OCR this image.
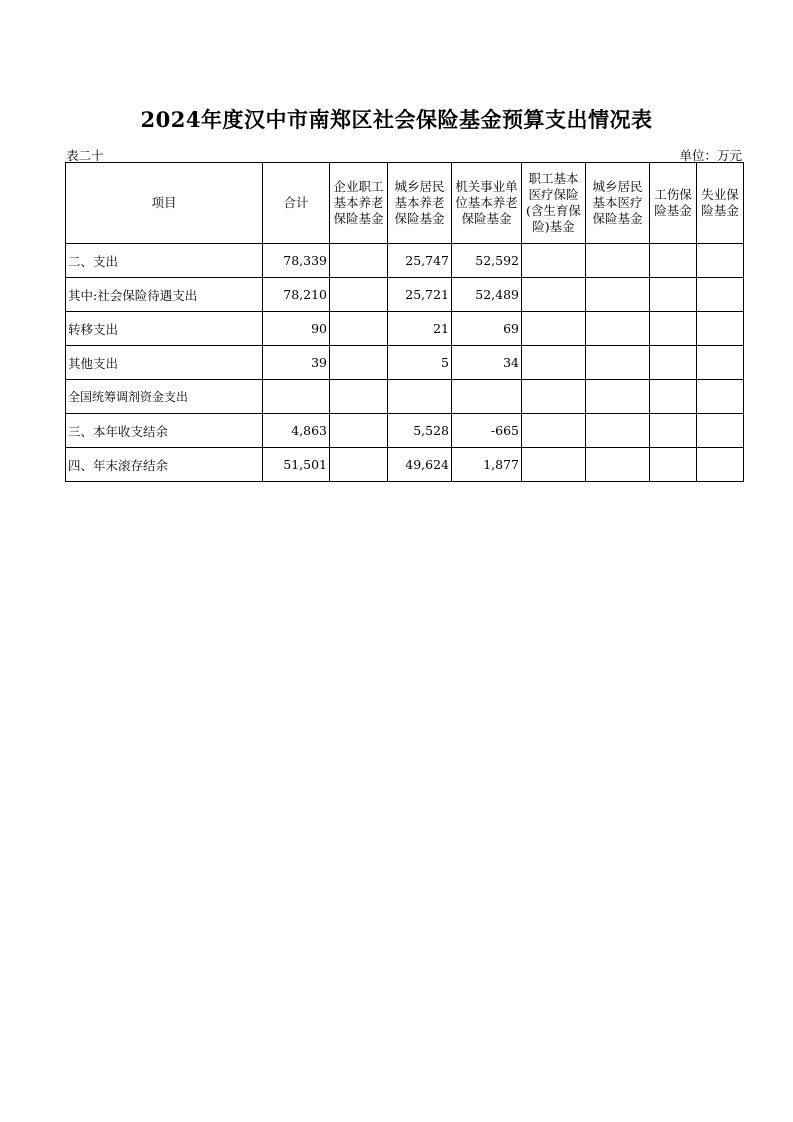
2024年度汉中市南郑区社会保险基金预算支出情况表
表二十	单位：万元
项目	合计	企业职工基本养老保险基金	城乡居民基本养老保险基金	机关事业单位基本养老保险基金	职工基本医疗保险(含生育保险)基金	城乡居民基本医疗保险基金	工伤保险基金	失业保险基金
二、支出	78,339		25,747	52,592				
其中:社会保险待遇支出	78,210		25,721	52,489				
转移支出	90		21	69				
其他支出	39		5	34				
全国统筹调剂资金支出								
三、本年收支结余	4,863		5,528	-665				
四、年末滚存结余	51,501		49,624	1,877				
